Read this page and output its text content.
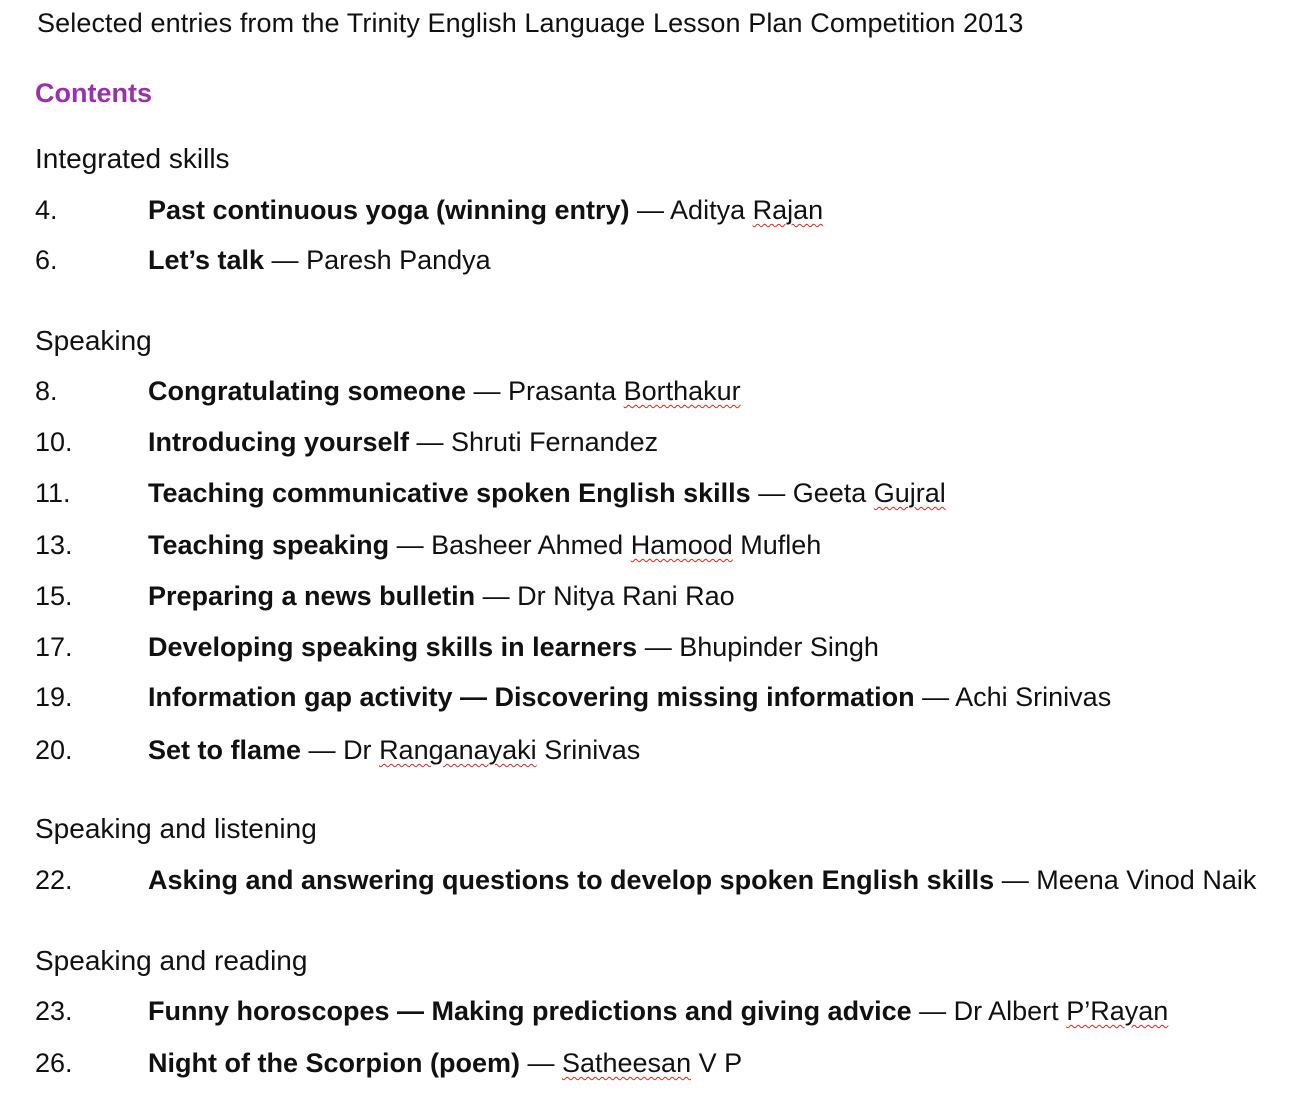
Selected entries from the Trinity English Language Lesson Plan Competition 2013
Contents
Integrated skills
4.	Past continuous yoga (winning entry) — Aditya Rajan
6.	Let’s talk — Paresh Pandya
Speaking
8.	Congratulating someone — Prasanta Borthakur
10.	Introducing yourself — Shruti Fernandez
11.	Teaching communicative spoken English skills — Geeta Gujral
13.	Teaching speaking — Basheer Ahmed Hamood Mufleh
15.	Preparing a news bulletin — Dr Nitya Rani Rao
17.	Developing speaking skills in learners — Bhupinder Singh
19.	Information gap activity — Discovering missing information — Achi Srinivas
20.	Set to flame — Dr Ranganayaki Srinivas
Speaking and listening
22.	Asking and answering questions to develop spoken English skills — Meena Vinod Naik
Speaking and reading
23.	Funny horoscopes — Making predictions and giving advice — Dr Albert P’Rayan
26.	Night of the Scorpion (poem) — Satheesan V P
